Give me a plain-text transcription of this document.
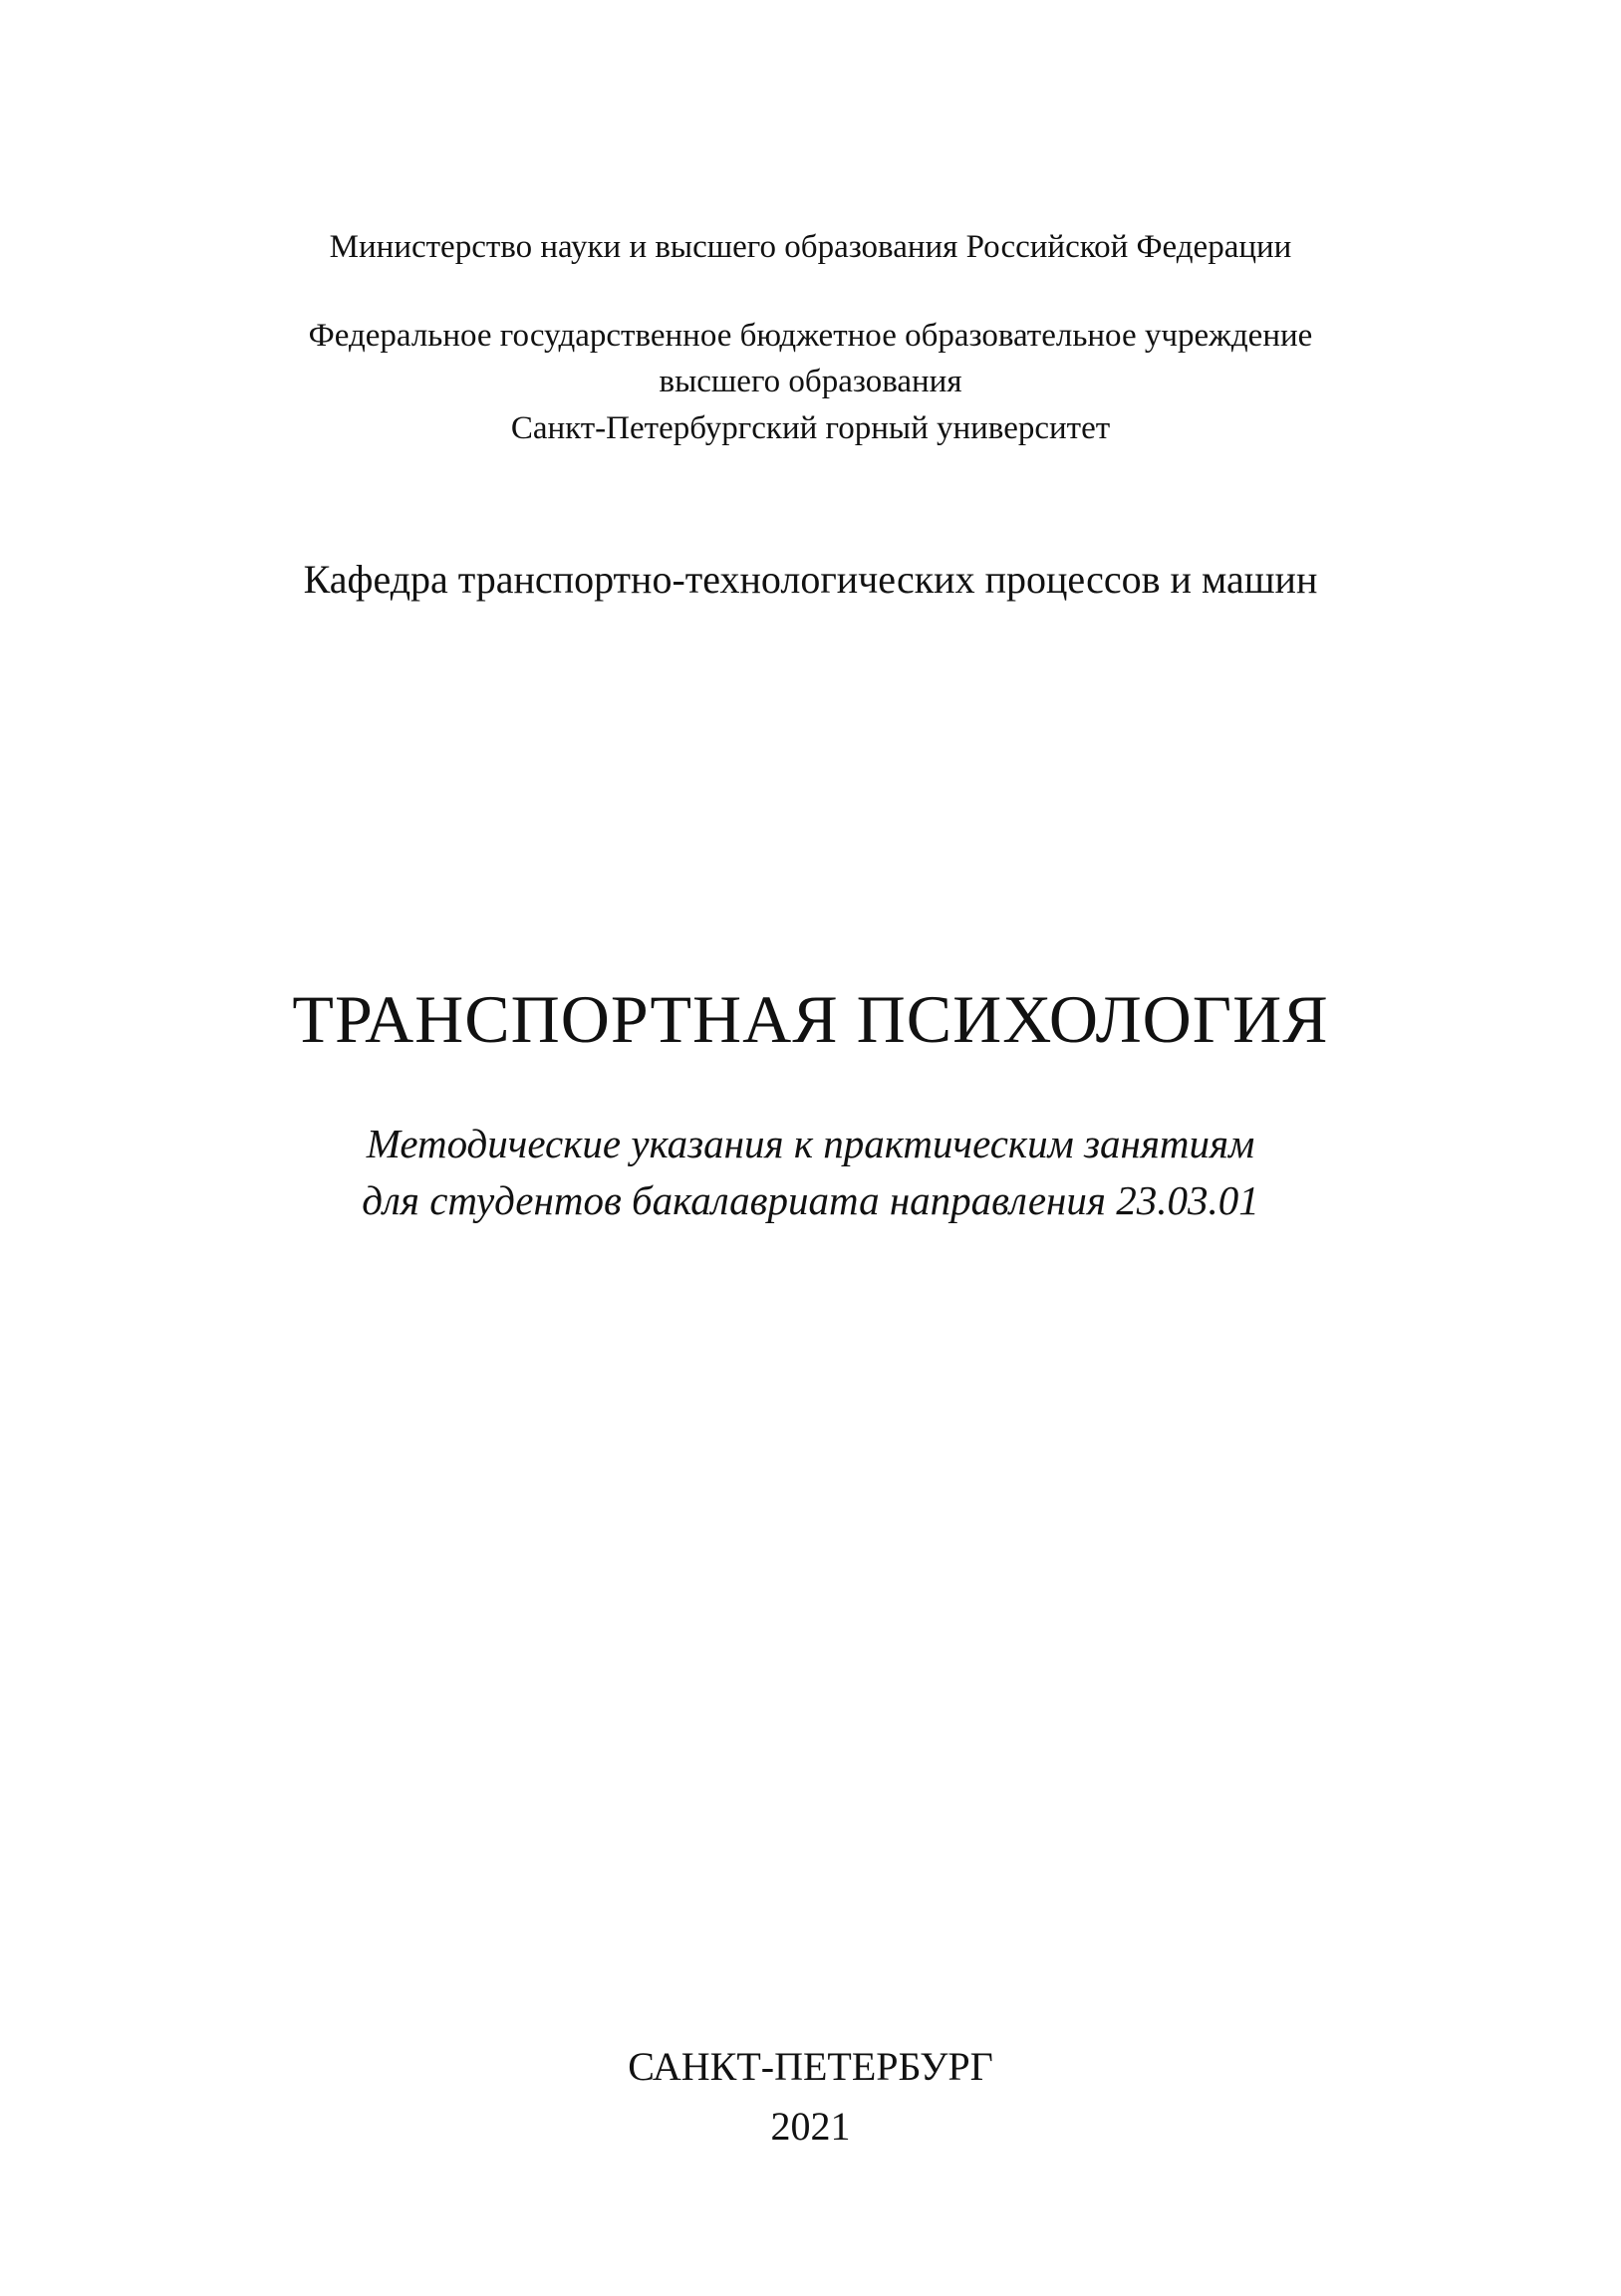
Министерство науки и высшего образования Российской Федерации
Федеральное государственное бюджетное образовательное учреждение
высшего образования
Санкт-Петербургский горный университет
Кафедра транспортно-технологических процессов и машин
ТРАНСПОРТНАЯ ПСИХОЛОГИЯ
Методические указания к практическим занятиям
для студентов бакалавриата направления 23.03.01
САНКТ-ПЕТЕРБУРГ
2021
